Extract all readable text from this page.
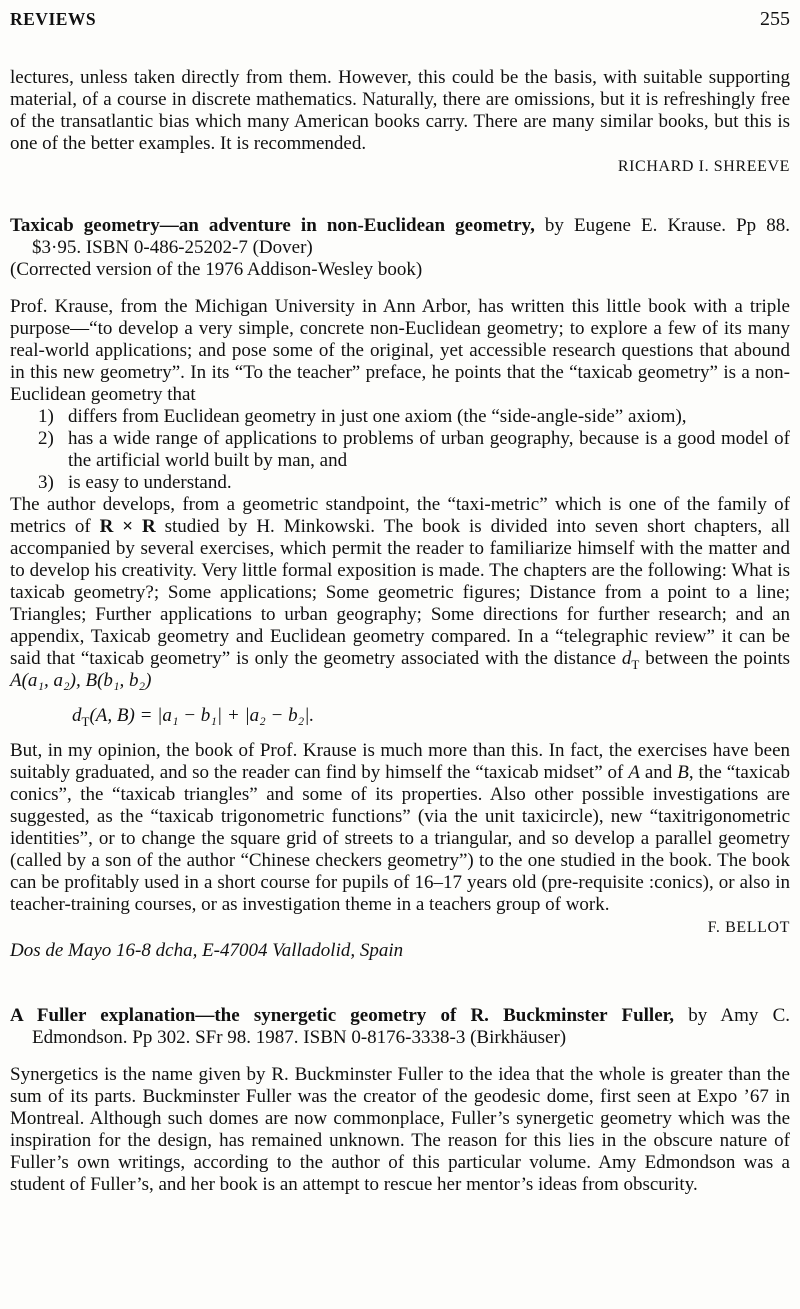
REVIEWS	255

lectures, unless taken directly from them. However, this could be the basis, with suitable supporting material, of a course in discrete mathematics. Naturally, there are omissions, but it is refreshingly free of the transatlantic bias which many American books carry. There are many similar books, but this is one of the better examples. It is recommended.

RICHARD I. SHREEVE

Taxicab geometry—an adventure in non-Euclidean geometry, by Eugene E. Krause. Pp 88.
$3·95. ISBN 0-486-25202-7 (Dover)
(Corrected version of the 1976 Addison-Wesley book)

Prof. Krause, from the Michigan University in Ann Arbor, has written this little book with a triple purpose—“to develop a very simple, concrete non-Euclidean geometry; to explore a few of its many real-world applications; and pose some of the original, yet accessible research questions that abound in this new geometry”. In its “To the teacher” preface, he points that the “taxicab geometry” is a non-Euclidean geometry that

1) differs from Euclidean geometry in just one axiom (the “side-angle-side” axiom),
2) has a wide range of applications to problems of urban geography, because is a good model of the artificial world built by man, and
3) is easy to understand.

The author develops, from a geometric standpoint, the “taxi-metric” which is one of the family of metrics of R × R studied by H. Minkowski. The book is divided into seven short chapters, all accompanied by several exercises, which permit the reader to familiarize himself with the matter and to develop his creativity. Very little formal exposition is made. The chapters are the following: What is taxicab geometry?; Some applications; Some geometric figures; Distance from a point to a line; Triangles; Further applications to urban geography; Some directions for further research; and an appendix, Taxicab geometry and Euclidean geometry compared. In a “telegraphic review” it can be said that “taxicab geometry” is only the geometry associated with the distance $d_T$ between the points A(a₁, a₂), B(b₁, b₂)

$d_T(A$, B) = |a₁ − b₁| + |a₂ − b₂|.

But, in my opinion, the book of Prof. Krause is much more than this. In fact, the exercises have been suitably graduated, and so the reader can find by himself the “taxicab midset” of A and B, the “taxicab conics”, the “taxicab triangles” and some of its properties. Also other possible investigations are suggested, as the “taxicab trigonometric functions” (via the unit taxicircle), new “taxitrigonometric identities”, or to change the square grid of streets to a triangular, and so develop a parallel geometry (called by a son of the author “Chinese checkers geometry”) to the one studied in the book. The book can be profitably used in a short course for pupils of 16–17 years old (pre-requisite :conics), or also in teacher-training courses, or as investigation theme in a teachers group of work.

F. BELLOT

Dos de Mayo 16-8 dcha, E-47004 Valladolid, Spain

A Fuller explanation—the synergetic geometry of R. Buckminster Fuller, by Amy C.
Edmondson. Pp 302. SFr 98. 1987. ISBN 0-8176-3338-3 (Birkhäuser)

Synergetics is the name given by R. Buckminster Fuller to the idea that the whole is greater than the sum of its parts. Buckminster Fuller was the creator of the geodesic dome, first seen at Expo ’67 in Montreal. Although such domes are now commonplace, Fuller’s synergetic geometry which was the inspiration for the design, has remained unknown. The reason for this lies in the obscure nature of Fuller’s own writings, according to the author of this particular volume. Amy Edmondson was a student of Fuller’s, and her book is an attempt to rescue her mentor’s ideas from obscurity.
